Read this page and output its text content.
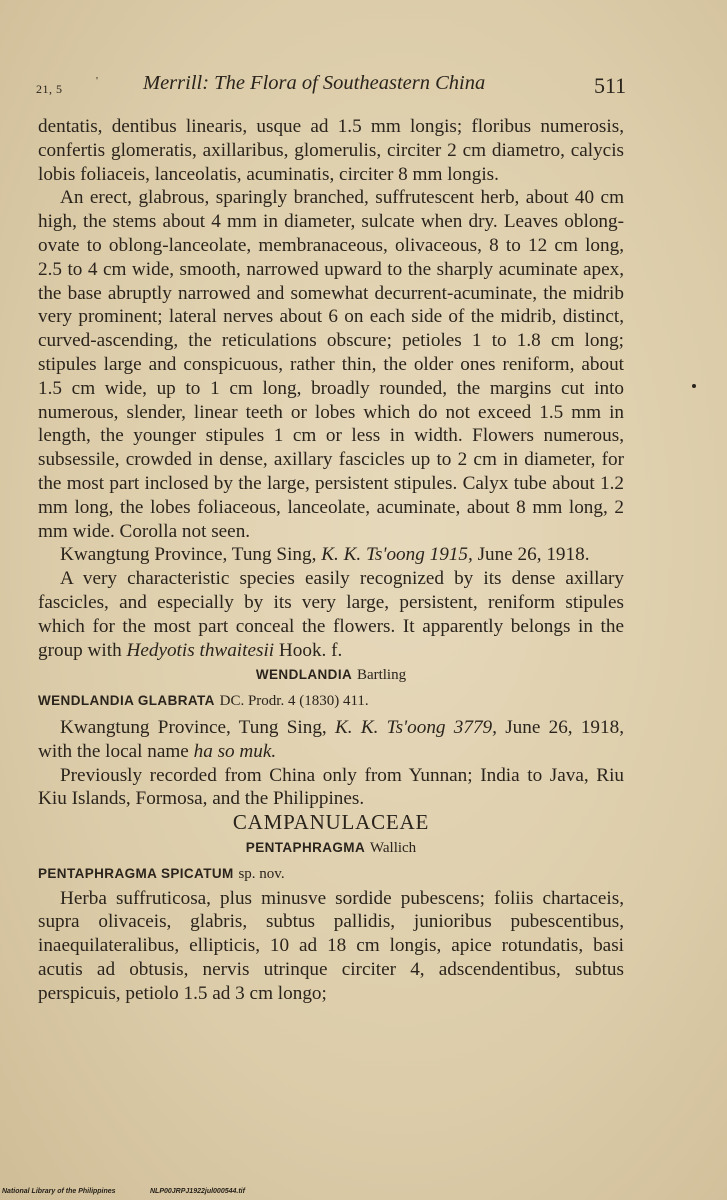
21, 5
' Merrill: The Flora of Southeastern China	511

dentatis, dentibus linearis, usque ad 1.5 mm longis; floribus numerosis, confertis glomeratis, axillaribus, glomerulis, circiter 2 cm diametro, calycis lobis foliaceis, lanceolatis, acuminatis, circiter 8 mm longis.

An erect, glabrous, sparingly branched, suffrutescent herb, about 40 cm high, the stems about 4 mm in diameter, sulcate when dry. Leaves oblong-ovate to oblong-lanceolate, membranaceous, olivaceous, 8 to 12 cm long, 2.5 to 4 cm wide, smooth, narrowed upward to the sharply acuminate apex, the base abruptly narrowed and somewhat decurrent-acuminate, the midrib very prominent; lateral nerves about 6 on each side of the midrib, distinct, curved-ascending, the reticulations obscure; petioles 1 to 1.8 cm long; stipules large and conspicuous, rather thin, the older ones reniform, about 1.5 cm wide, up to 1 cm long, broadly rounded, the margins cut into numerous, slender, linear teeth or lobes which do not exceed 1.5 mm in length, the younger stipules 1 cm or less in width. Flowers numerous, subsessile, crowded in dense, axillary fascicles up to 2 cm in diameter, for the most part inclosed by the large, persistent stipules. Calyx tube about 1.2 mm long, the lobes foliaceous, lanceolate, acuminate, about 8 mm long, 2 mm wide. Corolla not seen.

Kwangtung Province, Tung Sing, K. K. Ts'oong 1915, June 26, 1918.

A very characteristic species easily recognized by its dense axillary fascicles, and especially by its very large, persistent, reniform stipules which for the most part conceal the flowers. It apparently belongs in the group with Hedyotis thwaitesii Hook. f.

WENDLANDIA Bartling

WENDLANDIA GLABRATA DC. Prodr. 4 (1830) 411.

Kwangtung Province, Tung Sing, K. K. Ts'oong 3779, June 26, 1918, with the local name ha so muk.

Previously recorded from China only from Yunnan; India to Java, Riu Kiu Islands, Formosa, and the Philippines.

CAMPANULACEAE

PENTAPHRAGMA Wallich

PENTAPHRAGMA SPICATUM sp. nov.

Herba suffruticosa, plus minusve sordide pubescens; foliis chartaceis, supra olivaceis, glabris, subtus pallidis, junioribus pubescentibus, inaequilateralibus, ellipticis, 10 ad 18 cm longis, apice rotundatis, basi acutis ad obtusis, nervis utrinque circiter 4, adscendentibus, subtus perspicuis, petiolo 1.5 ad 3 cm longo;

National Library of the Philippines	NLP00JRPJ1922jul000544.tif
